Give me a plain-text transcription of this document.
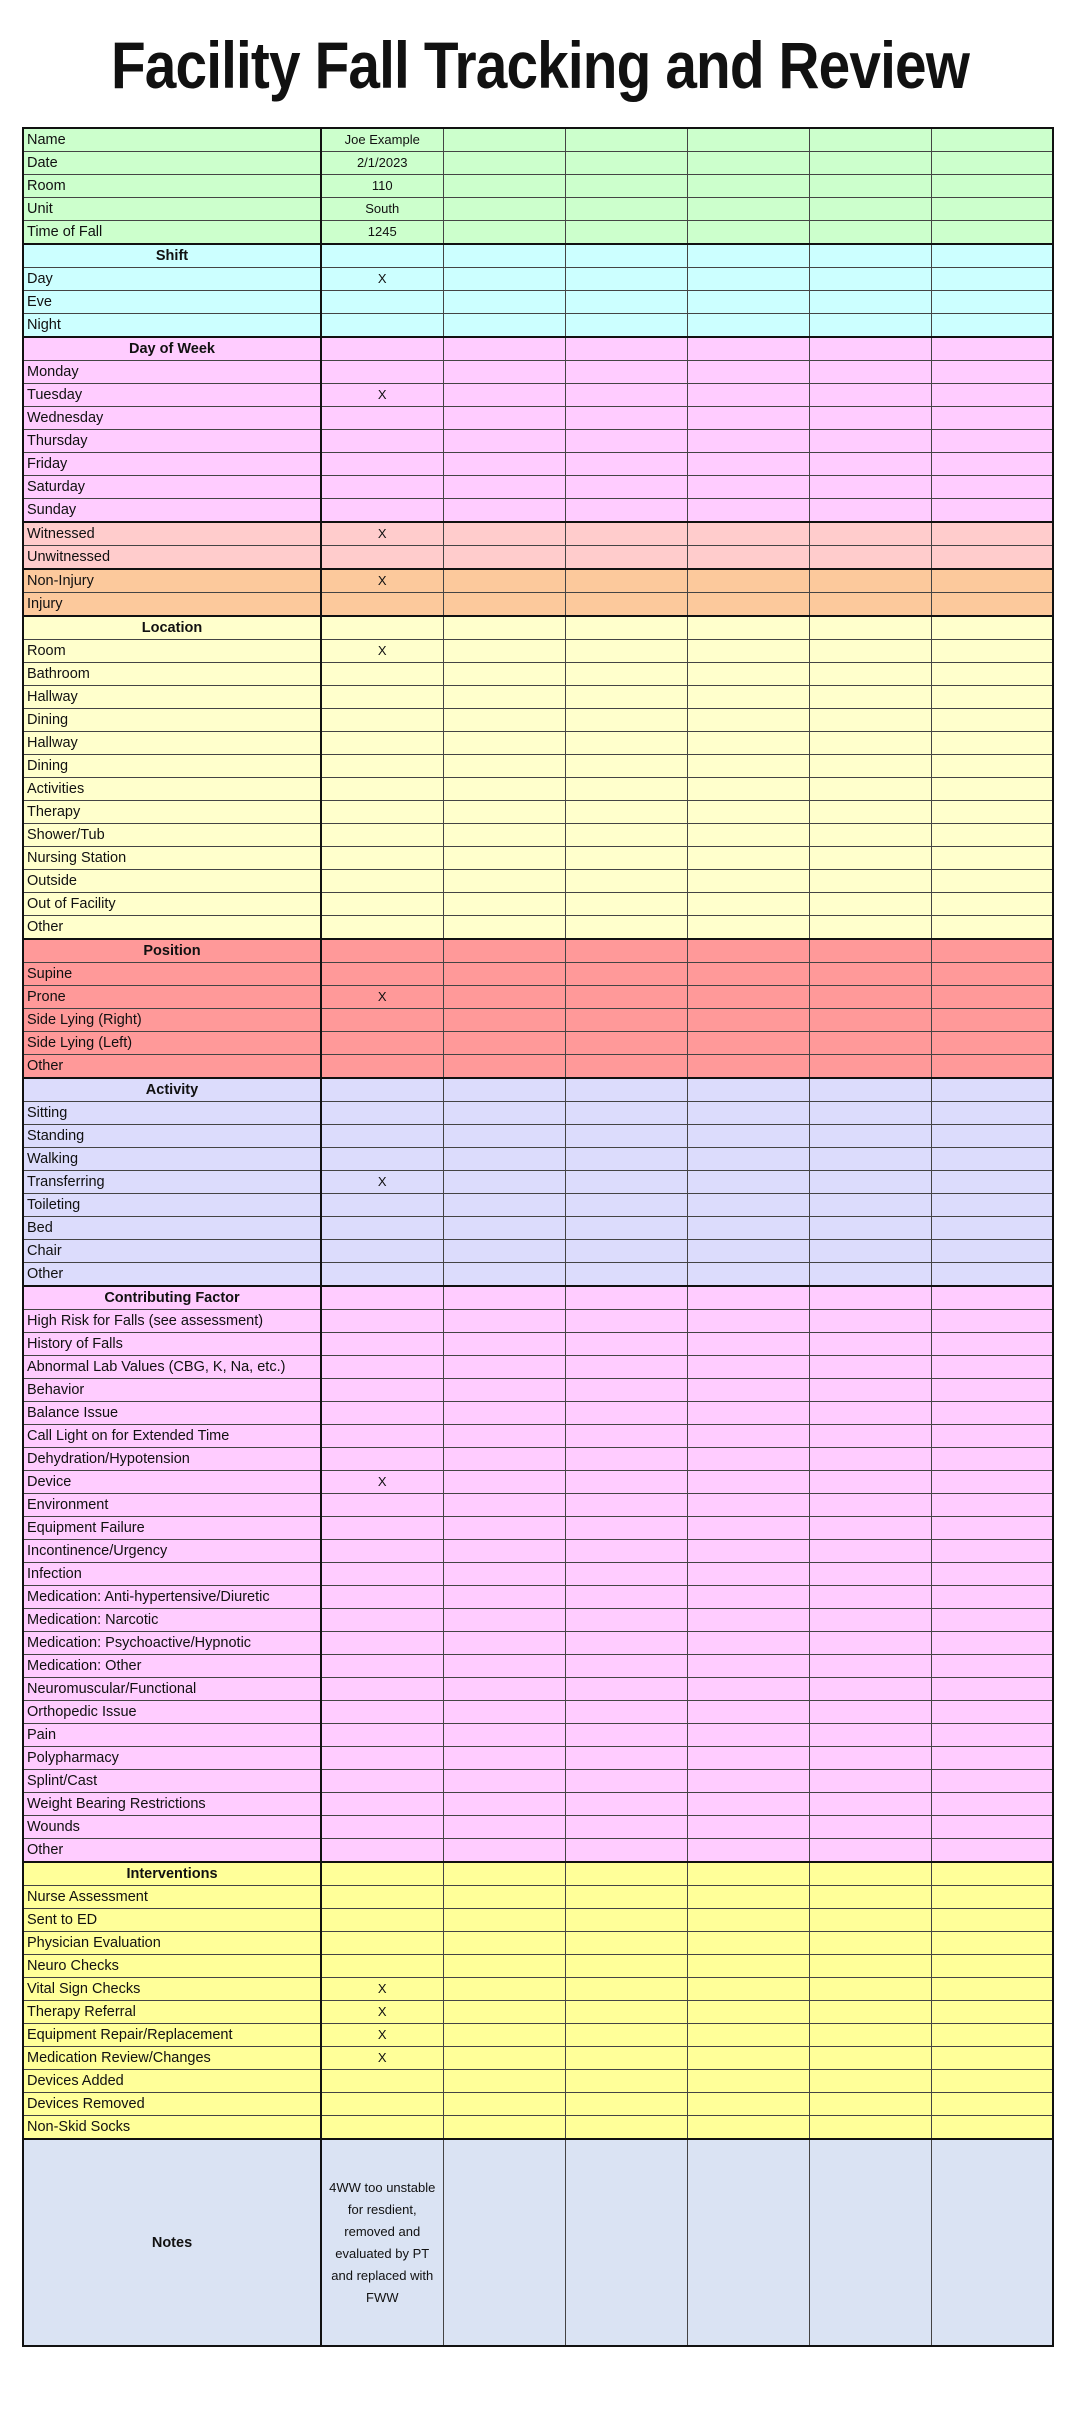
Facility Fall Tracking and Review
Name	Joe Example					
Date	2/1/2023					
Room	110					
Unit	South					
Time of Fall	1245					
Shift						
Day	X					
Eve						
Night						
Day of Week						
Monday						
Tuesday	X					
Wednesday						
Thursday						
Friday						
Saturday						
Sunday						
Witnessed	X					
Unwitnessed						
Non-Injury	X					
Injury						
Location						
Room	X					
Bathroom						
Hallway						
Dining						
Hallway						
Dining						
Activities						
Therapy						
Shower/Tub						
Nursing Station						
Outside						
Out of Facility						
Other						
Position						
Supine						
Prone	X					
Side Lying (Right)						
Side Lying (Left)						
Other						
Activity						
Sitting						
Standing						
Walking						
Transferring	X					
Toileting						
Bed						
Chair						
Other						
Contributing Factor						
High Risk for Falls (see assessment)						
History of Falls						
Abnormal Lab Values (CBG, K, Na, etc.)						
Behavior						
Balance Issue						
Call Light on for Extended Time						
Dehydration/Hypotension						
Device	X					
Environment						
Equipment Failure						
Incontinence/Urgency						
Infection						
Medication: Anti-hypertensive/Diuretic						
Medication: Narcotic						
Medication: Psychoactive/Hypnotic						
Medication: Other						
Neuromuscular/Functional						
Orthopedic Issue						
Pain						
Polypharmacy						
Splint/Cast						
Weight Bearing Restrictions						
Wounds						
Other						
Interventions						
Nurse Assessment						
Sent to ED						
Physician Evaluation						
Neuro Checks						
Vital Sign Checks	X					
Therapy Referral	X					
Equipment Repair/Replacement	X					
Medication Review/Changes	X					
Devices Added						
Devices Removed						
Non-Skid Socks						
Notes	4WW too unstable for resdient, removed and evaluated by PT and replaced with FWW					
